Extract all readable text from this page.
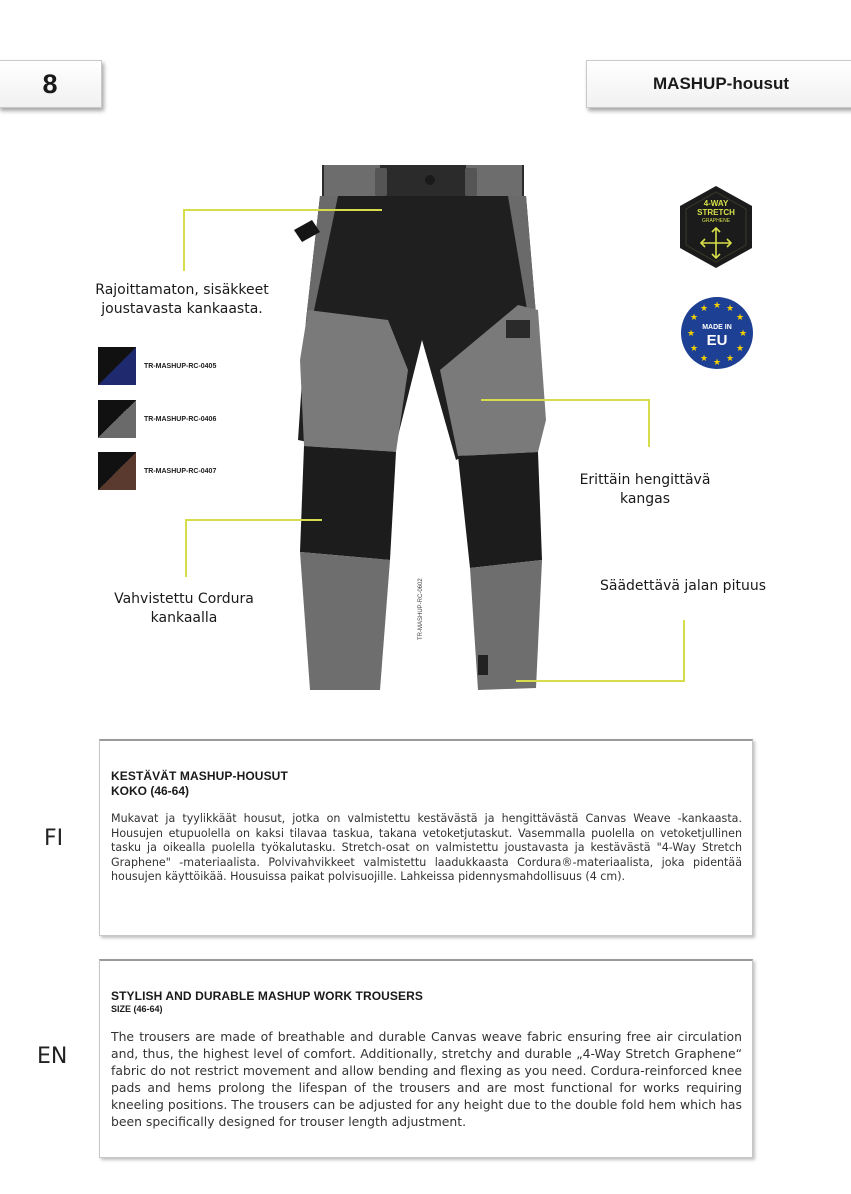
8	MASHUP-housut
TR-MASHUP-RC-0602
Rajoittamaton, sisäkkeet joustavasta kankaasta.
Erittäin hengittävä kangas
Vahvistettu Cordura kankaalla
Säädettävä jalan pituus
TR-MASHUP-RC-0405
TR-MASHUP-RC-0406
TR-MASHUP-RC-0407
4-WAY
STRETCH
GRAPHENE
★ ★
★
★
★
★
★
★
★
★
★
★
MADE IN
EU
FI
KESTÄVÄT MASHUP-HOUSUT
KOKO (46-64)

Mukavat ja tyylikkäät housut, jotka on valmistettu kestävästä ja hengittävästä Canvas Weave -kankaasta. Housujen etupuolella on kaksi tilavaa taskua, takana vetoketjutaskut. Vasemmalla puolella on vetoketjullinen tasku ja oikealla puolella työkalutasku. Stretch-osat on valmistettu joustavasta ja kestävästä "4-Way Stretch Graphene" -materiaalista. Polvivahvikkeet valmistettu laadukkaasta Cordura®-materiaalista, joka pidentää housujen käyttöikää. Housuissa paikat polvisuojille. Lahkeissa pidennysmahdollisuus (4 cm).

EN
STYLISH AND DURABLE MASHUP WORK TROUSERS
SIZE (46-64)

The trousers are made of breathable and durable Canvas weave fabric ensuring free air circulation and, thus, the highest level of comfort. Additionally, stretchy and durable „4-Way Stretch Graphene“ fabric do not restrict movement and allow bending and flexing as you need. Cordura-reinforced knee pads and hems prolong the lifespan of the trousers and are most functional for works requiring kneeling positions. The trousers can be adjusted for any height due to the double fold hem which has been specifically designed for trouser length adjustment.
